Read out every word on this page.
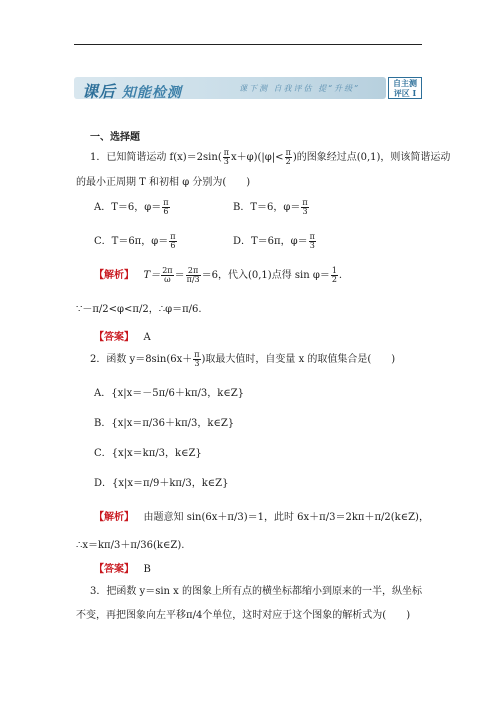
课后 知能检测	课下测 自我评估 提“升级”
自主测
评区 I
一、选择题
1．已知简谐运动 $f(x)=2\sin( \frac{\pi}{3} x+\varphi)(|\varphi|< \frac{\pi}{2}$ )的图象经过点(0,1)，则该简谐运动
的最小正周期 T 和初相 φ 分别为(　　)
A．T＝6，$\varphi= \frac{\pi}{6}$	B．T＝6，$\varphi= \frac{\pi}{3}$
C．T＝6π，$\varphi= \frac{\pi}{6}$	D．T＝6π，$\varphi= \frac{\pi}{3}$
【解析】 $T= \frac{2\pi}{\omega} = \frac{2\pi}{\pi/3} =6$，代入(0,1)点得 $\sin \varphi= \frac{1}{2}$ .
∵－π/2<φ<π/2，∴φ＝π/6.
【答案】 A
2．函数 $y=8\sin(6x+ \frac{\pi}{3}$ )取最大值时，自变量 x 的取值集合是(　　)
A．{x|x＝－5π/6＋kπ/3，k∈Z}
B．{x|x＝π/36＋kπ/3，k∈Z}
C．{x|x＝kπ/3，k∈Z}
D．{x|x＝π/9＋kπ/3，k∈Z}
【解析】 由题意知 sin(6x＋π/3)＝1，此时 6x＋π/3＝2kπ＋π/2(k∈Z)，
∴x＝kπ/3＋π/36(k∈Z).
【答案】 B
3．把函数 y＝sin x 的图象上所有点的横坐标都缩小到原来的一半，纵坐标
不变，再把图象向左平移π/4个单位，这时对应于这个图象的解析式为(　　)
